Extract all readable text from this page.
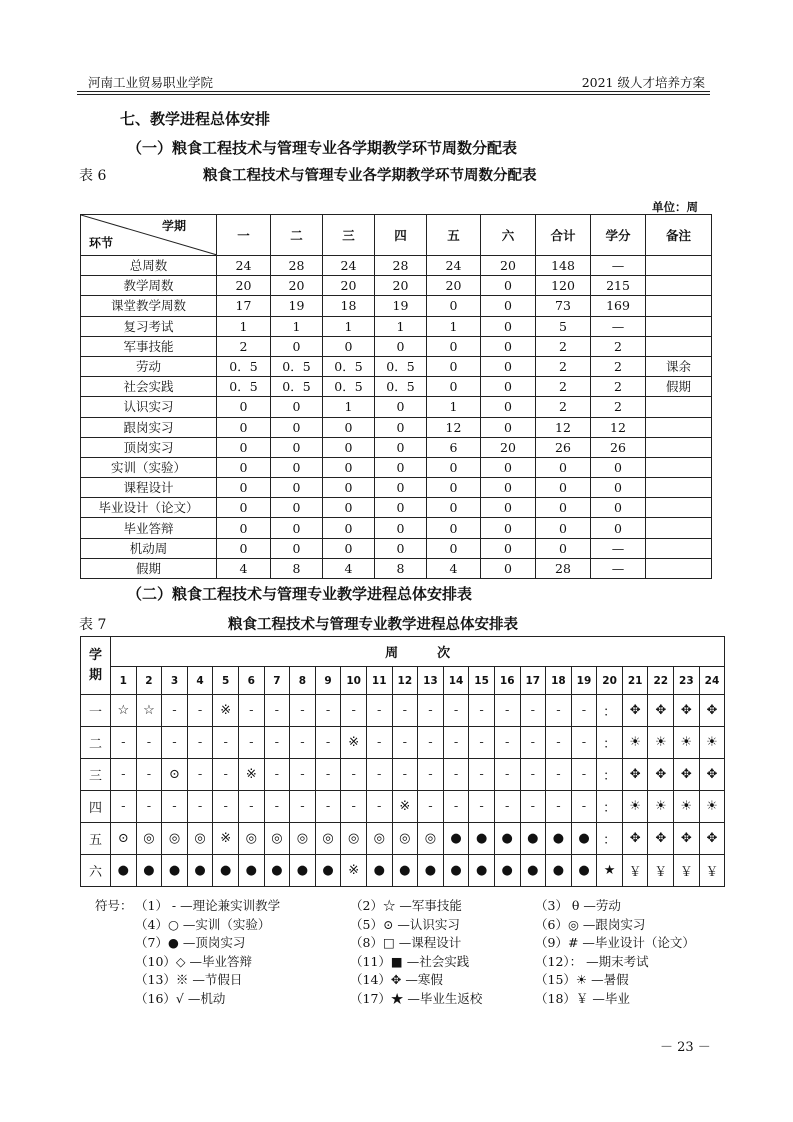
河南工业贸易职业学院	2021 级人才培养方案
七、教学进程总体安排
（一）粮食工程技术与管理专业各学期教学环节周数分配表
表 6	粮食工程技术与管理专业各学期教学环节周数分配表
单位：周
学期
环节	一	二	三	四	五	六	合计	学分	备注
总周数	24	28	24	28	24	20	148	—	
教学周数	20	20	20	20	20	0	120	215	
课堂教学周数	17	19	18	19	0	0	73	169	
复习考试	1	1	1	1	1	0	5	—	
军事技能	2	0	0	0	0	0	2	2	
劳动	0．5	0．5	0．5	0．5	0	0	2	2	课余
社会实践	0．5	0．5	0．5	0．5	0	0	2	2	假期
认识实习	0	0	1	0	1	0	2	2	
跟岗实习	0	0	0	0	12	0	12	12	
顶岗实习	0	0	0	0	6	20	26	26	
实训（实验）	0	0	0	0	0	0	0	0	
课程设计	0	0	0	0	0	0	0	0	
毕业设计（论文）	0	0	0	0	0	0	0	0	
毕业答辩	0	0	0	0	0	0	0	0	
机动周	0	0	0	0	0	0	0	—	
假期	4	8	4	8	4	0	28	—	
（二）粮食工程技术与管理专业教学进程总体安排表
表 7	粮食工程技术与管理专业教学进程总体安排表
学期	周　　　次																							
	1	2	3	4	5	6	7	8	9	10	11	12	13	14	15	16	17	18	19	20	21	22	23	24
一	☆	☆	-	-	※	-	-	-	-	-	-	-	-	-	-	-	-	-	-	：	✥	✥	✥	✥
二	-	-	-	-	-	-	-	-	-	※	-	-	-	-	-	-	-	-	-	：	☀	☀	☀	☀
三	-	-	⊙	-	-	※	-	-	-	-	-	-	-	-	-	-	-	-	-	：	✥	✥	✥	✥
四	-	-	-	-	-	-	-	-	-	-	-	※	-	-	-	-	-	-	-	：	☀	☀	☀	☀
五	⊙	◎	◎	◎	※	◎	◎	◎	◎	◎	◎	◎	◎	●	●	●	●	●	●	：	✥	✥	✥	✥
六	●	●	●	●	●	●	●	●	●	※	●	●	●	●	●	●	●	●	●	★	￥	￥	￥	￥
符号： （1） - —理论兼实训教学	（2）☆ —军事技能	（3） θ —劳动
（4）○ —实训（实验）	（5）⊙ —认识实习	（6）◎ —跟岗实习
（7）● —顶岗实习	（8）□ —课程设计	（9）# —毕业设计（论文）
（10）◇ —毕业答辩	（11）■ —社会实践	（12）： —期末考试
（13）※ —节假日	（14）✥ —寒假	（15）☀ —暑假
（16）√ —机动	（17）★ —毕业生返校	（18）￥ —毕业
－ 23 －
